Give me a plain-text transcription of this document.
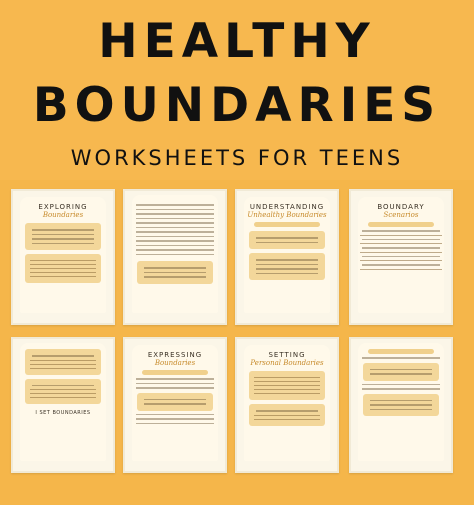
HEALTHY
BOUNDARIES
WORKSHEETS FOR TEENS
EXPLORING
Boundaries
UNDERSTANDING
Unhealthy Boundaries
BOUNDARY
Scenarios
I SET BOUNDARIES
EXPRESSING
Boundaries
SETTING
Personal Boundaries
